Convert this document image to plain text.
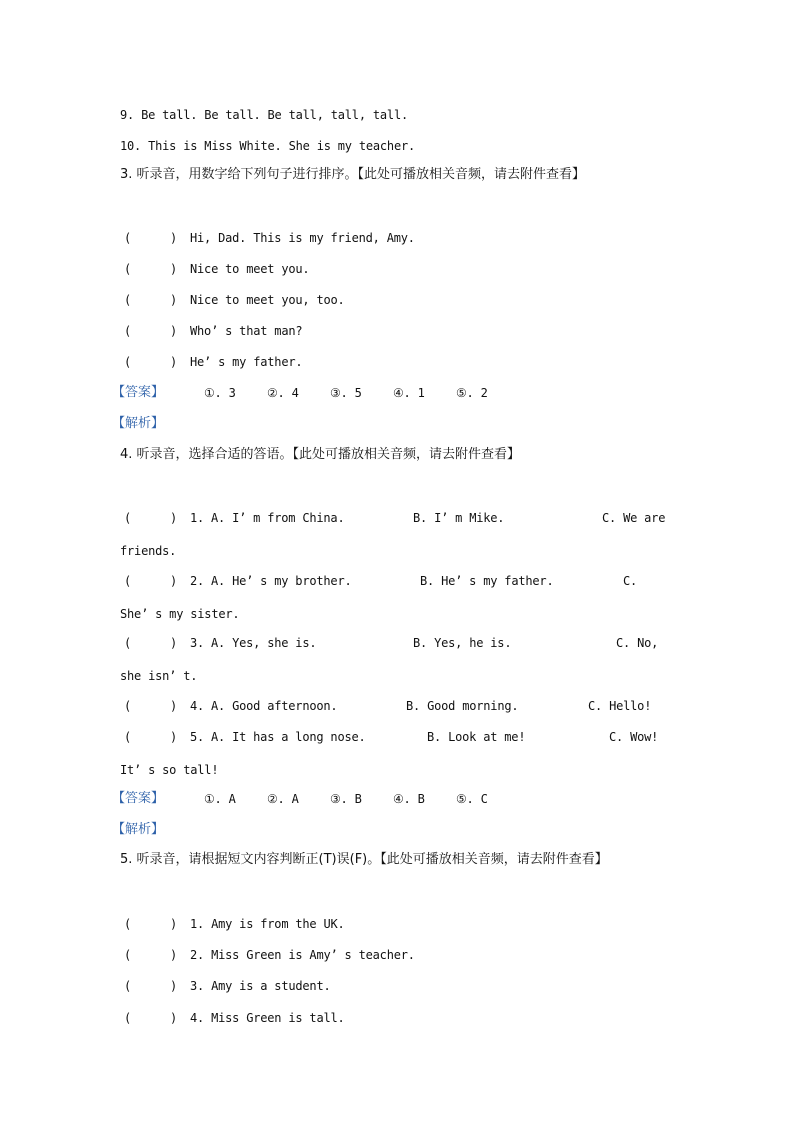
9. Be tall. Be tall. Be tall, tall, tall.
10. This is Miss White. She is my teacher.
3. 听录音，用数字给下列句子进行排序。【此处可播放相关音频，请去附件查看】
(	) Hi, Dad. This is my friend, Amy.
(	) Nice to meet you.
(	) Nice to meet you, too.
(	) Who’ s that man?
(	) He’ s my father.
【答案】	①. 3	②. 4	③. 5	④. 1	⑤. 2
【解析】
4. 听录音，选择合适的答语。【此处可播放相关音频，请去附件查看】
(	) 1. A. I’ m from China.	B. I’ m Mike.	C. We are
friends.
(	) 2. A. He’ s my brother.	B. He’ s my father.	C.
She’ s my sister.
(	) 3. A. Yes, she is.	B. Yes, he is.	C. No,
she isn’ t.
(	) 4. A. Good afternoon.	B. Good morning.	C. Hello!
(	) 5. A. It has a long nose.	B. Look at me!	C. Wow!
It’ s so tall!
【答案】	①. A	②. A	③. B	④. B	⑤. C
【解析】
5. 听录音，请根据短文内容判断正(T)误(F)。【此处可播放相关音频，请去附件查看】
(	) 1. Amy is from the UK.
(	) 2. Miss Green is Amy’ s teacher.
(	) 3. Amy is a student.
(	) 4. Miss Green is tall.
